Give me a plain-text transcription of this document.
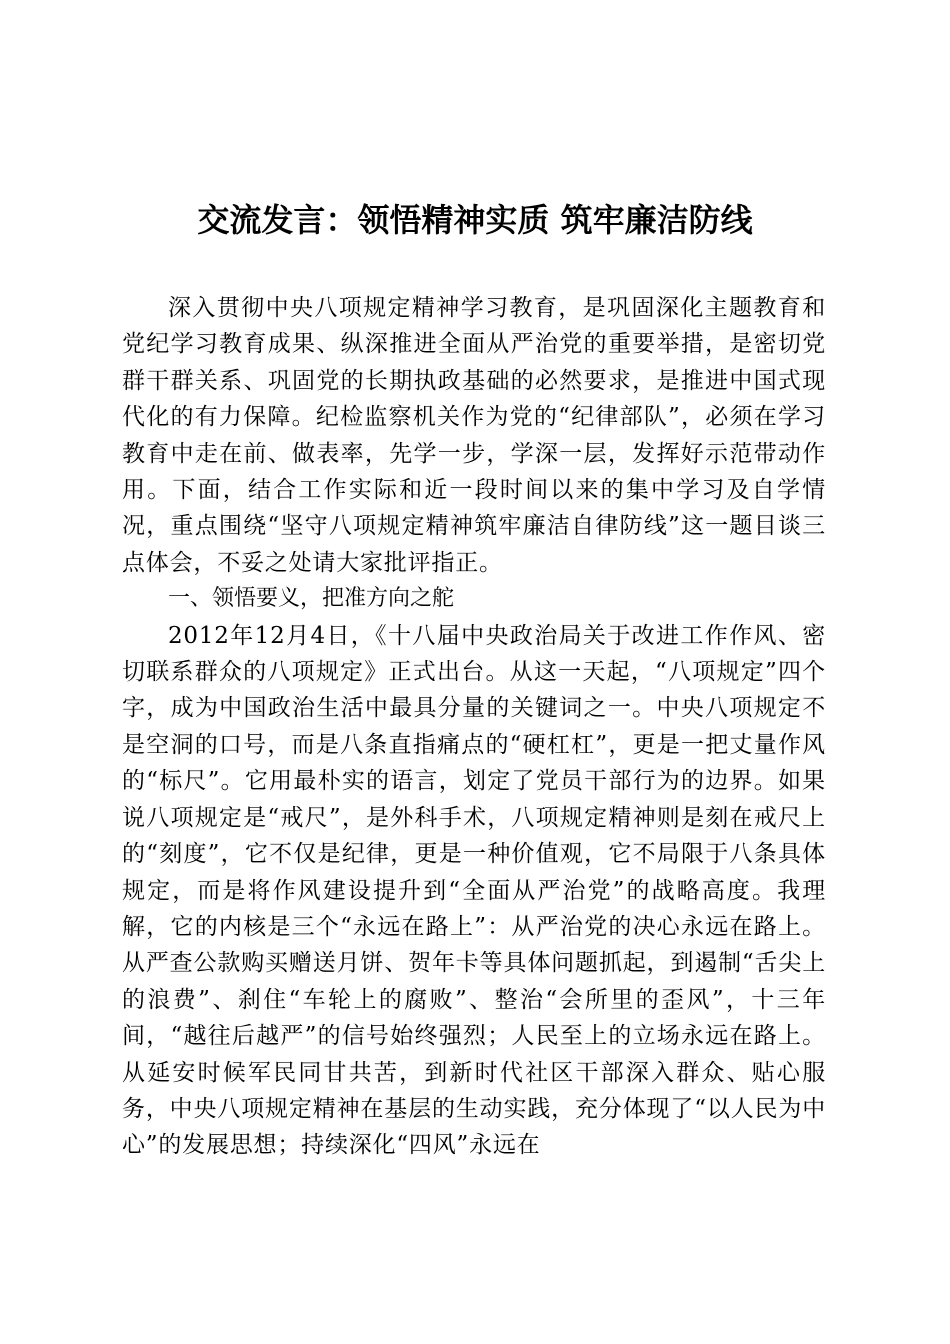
交流发言：领悟精神实质 筑牢廉洁防线

深入贯彻中央八项规定精神学习教育，是巩固深化主题教育和党纪学习教育成果、纵深推进全面从严治党的重要举措，是密切党群干群关系、巩固党的长期执政基础的必然要求，是推进中国式现代化的有力保障。纪检监察机关作为党的“纪律部队”，必须在学习教育中走在前、做表率，先学一步，学深一层，发挥好示范带动作用。下面，结合工作实际和近一段时间以来的集中学习及自学情况，重点围绕“坚守八项规定精神筑牢廉洁自律防线”这一题目谈三点体会，不妥之处请大家批评指正。

一、领悟要义，把准方向之舵

2012年12月4日，《十八届中央政治局关于改进工作作风、密切联系群众的八项规定》正式出台。从这一天起，“八项规定”四个字，成为中国政治生活中最具分量的关键词之一。中央八项规定不是空洞的口号，而是八条直指痛点的“硬杠杠”，更是一把丈量作风的“标尺”。它用最朴实的语言，划定了党员干部行为的边界。如果说八项规定是“戒尺”，是外科手术，八项规定精神则是刻在戒尺上的“刻度”，它不仅是纪律，更是一种价值观，它不局限于八条具体规定，而是将作风建设提升到“全面从严治党”的战略高度。我理解，它的内核是三个“永远在路上”：从严治党的决心永远在路上。从严查公款购买赠送月饼、贺年卡等具体问题抓起，到遏制“舌尖上的浪费”、刹住“车轮上的腐败”、整治“会所里的歪风”，十三年间，“越往后越严”的信号始终强烈；人民至上的立场永远在路上。从延安时候军民同甘共苦，到新时代社区干部深入群众、贴心服务，中央八项规定精神在基层的生动实践，充分体现了“以人民为中心”的发展思想；持续深化“四风”永远在
